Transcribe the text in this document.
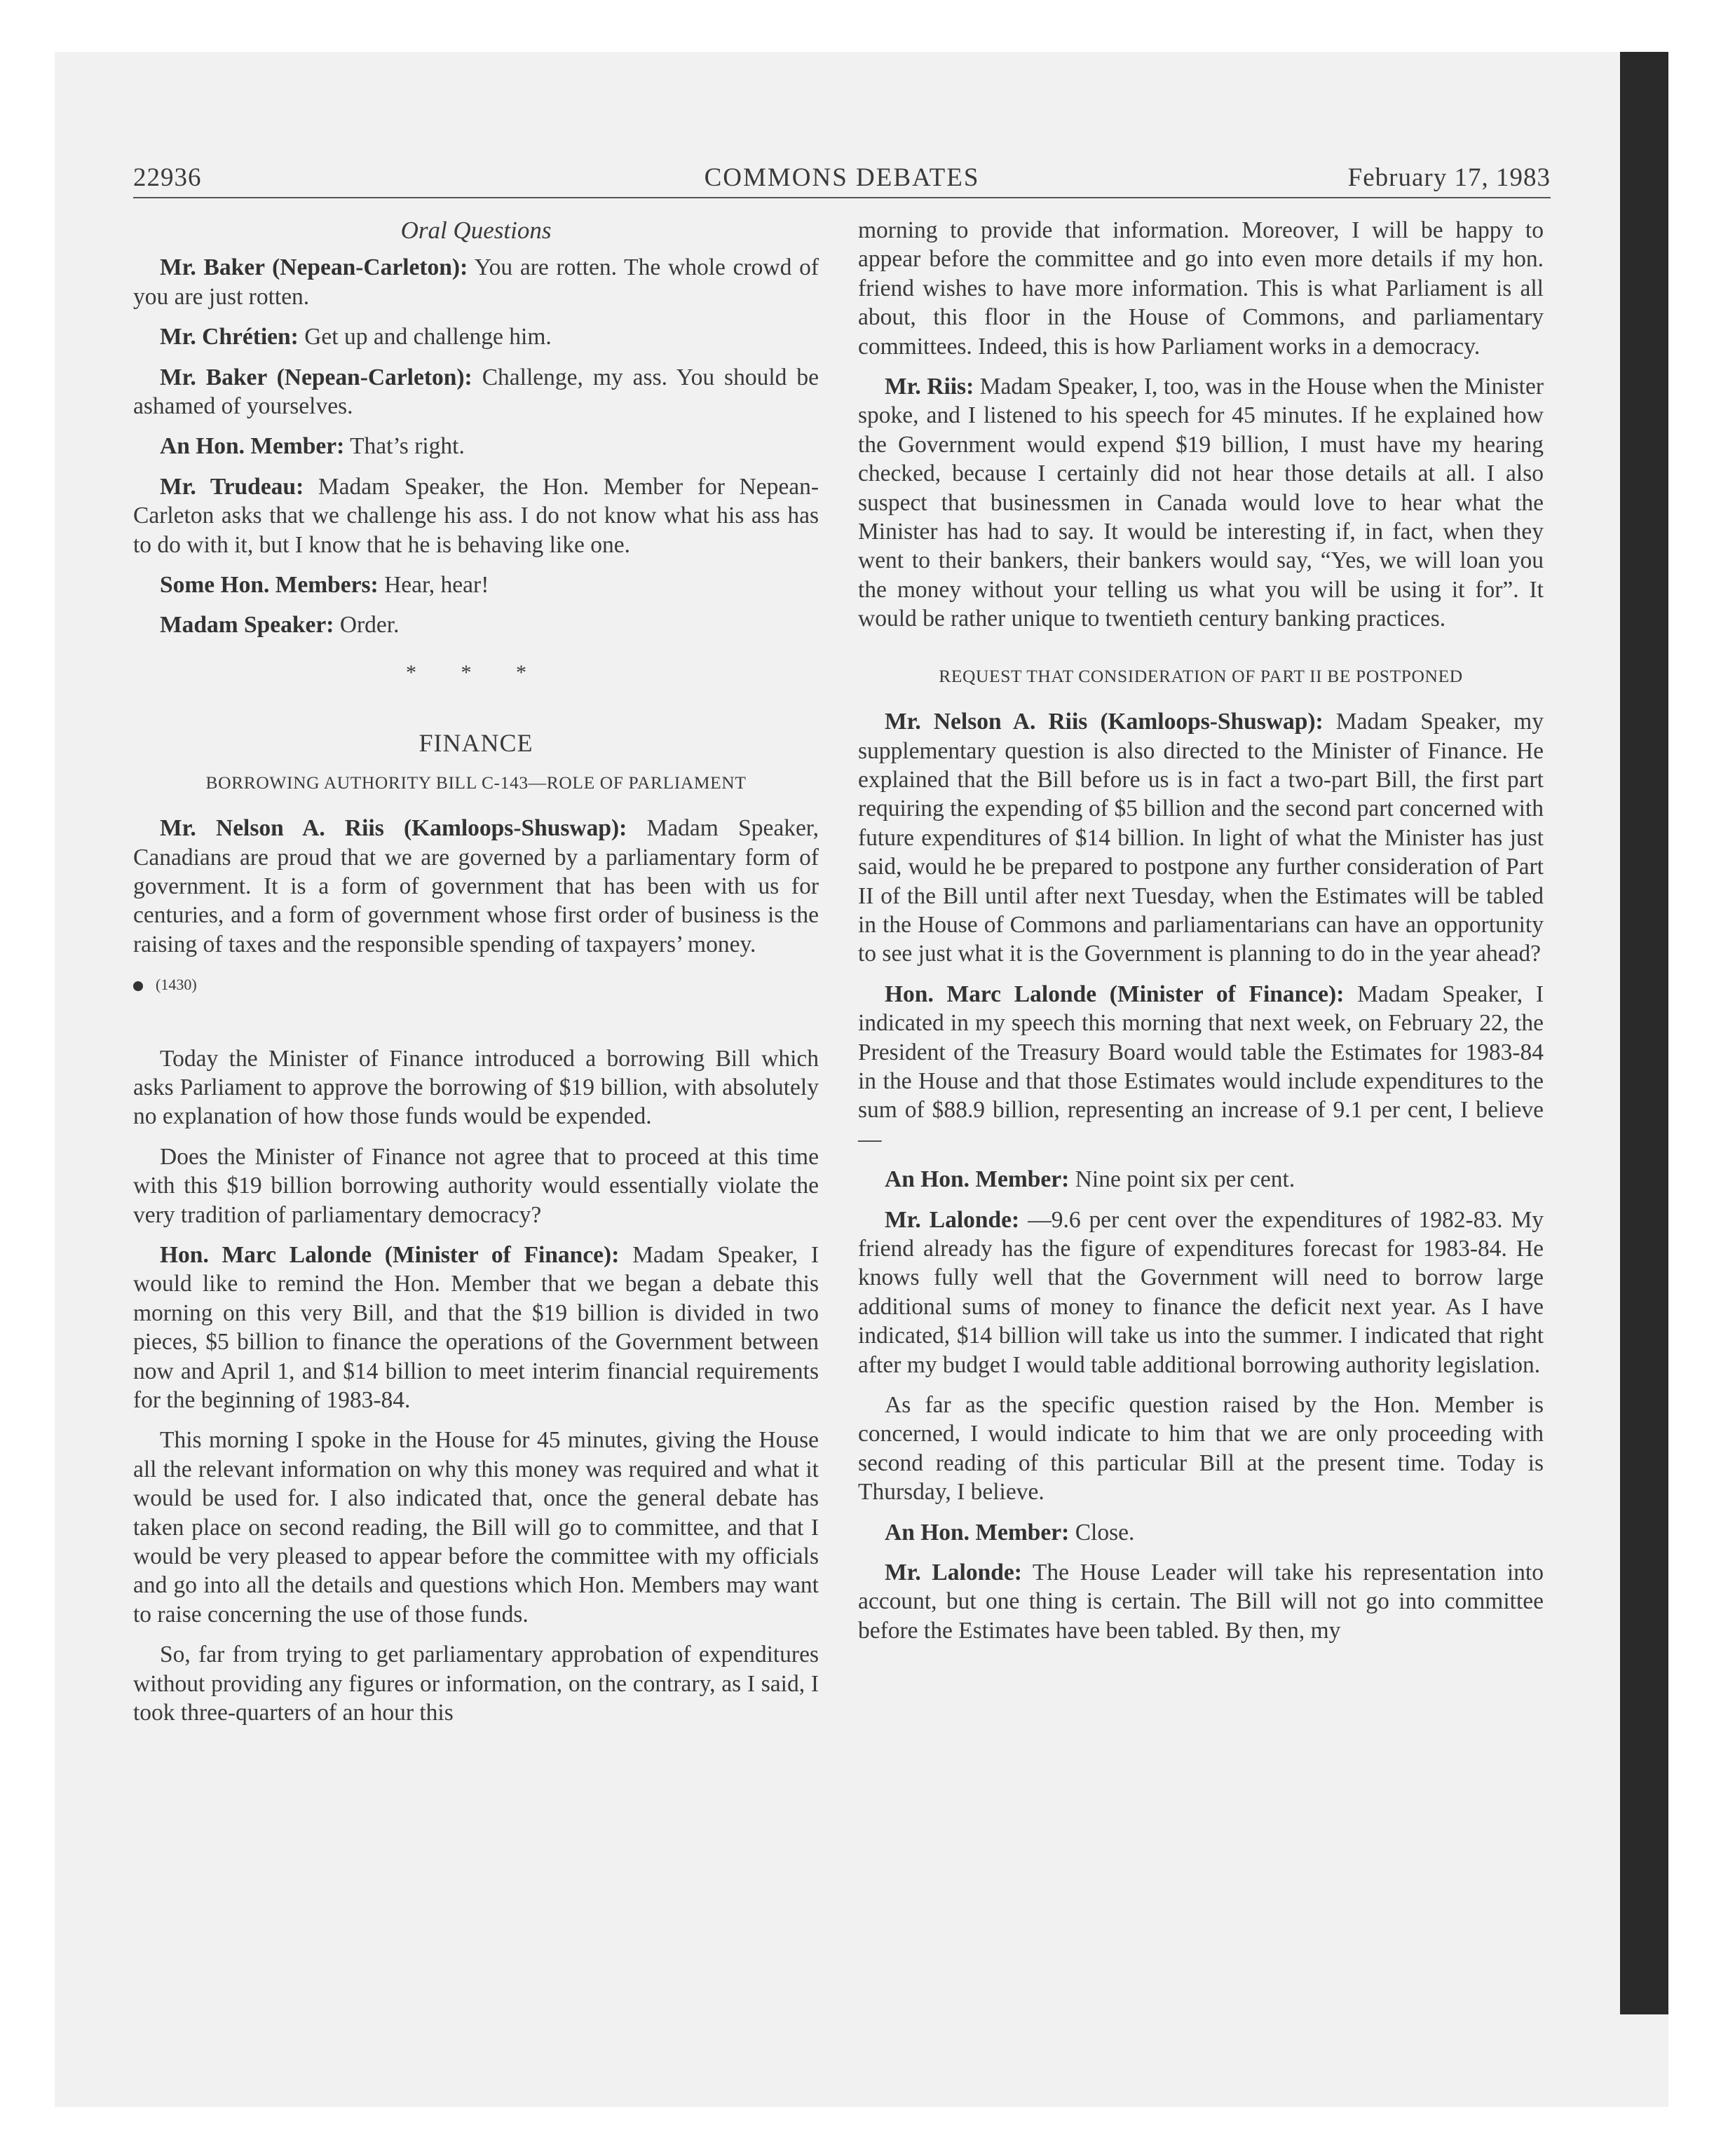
22936	COMMONS DEBATES	February 17, 1983
Oral Questions

Mr. Baker (Nepean-Carleton): You are rotten. The whole crowd of you are just rotten.

Mr. Chrétien: Get up and challenge him.

Mr. Baker (Nepean-Carleton): Challenge, my ass. You should be ashamed of yourselves.

An Hon. Member: That’s right.

Mr. Trudeau: Madam Speaker, the Hon. Member for Nepean-Carleton asks that we challenge his ass. I do not know what his ass has to do with it, but I know that he is behaving like one.

Some Hon. Members: Hear, hear!

Madam Speaker: Order.

* * *
FINANCE
BORROWING AUTHORITY BILL C-143—ROLE OF PARLIAMENT

Mr. Nelson A. Riis (Kamloops-Shuswap): Madam Speaker, Canadians are proud that we are governed by a parliamentary form of government. It is a form of government that has been with us for centuries, and a form of government whose first order of business is the raising of taxes and the responsible spending of taxpayers’ money.

(1430)

Today the Minister of Finance introduced a borrowing Bill which asks Parliament to approve the borrowing of $19 billion, with absolutely no explanation of how those funds would be expended.

Does the Minister of Finance not agree that to proceed at this time with this $19 billion borrowing authority would essentially violate the very tradition of parliamentary democracy?

Hon. Marc Lalonde (Minister of Finance): Madam Speaker, I would like to remind the Hon. Member that we began a debate this morning on this very Bill, and that the $19 billion is divided in two pieces, $5 billion to finance the operations of the Government between now and April 1, and $14 billion to meet interim financial requirements for the beginning of 1983-84.

This morning I spoke in the House for 45 minutes, giving the House all the relevant information on why this money was required and what it would be used for. I also indicated that, once the general debate has taken place on second reading, the Bill will go to committee, and that I would be very pleased to appear before the committee with my officials and go into all the details and questions which Hon. Members may want to raise concerning the use of those funds.

So, far from trying to get parliamentary approbation of expenditures without providing any figures or information, on the contrary, as I said, I took three-quarters of an hour this

morning to provide that information. Moreover, I will be happy to appear before the committee and go into even more details if my hon. friend wishes to have more information. This is what Parliament is all about, this floor in the House of Commons, and parliamentary committees. Indeed, this is how Parliament works in a democracy.

Mr. Riis: Madam Speaker, I, too, was in the House when the Minister spoke, and I listened to his speech for 45 minutes. If he explained how the Government would expend $19 billion, I must have my hearing checked, because I certainly did not hear those details at all. I also suspect that businessmen in Canada would love to hear what the Minister has had to say. It would be interesting if, in fact, when they went to their bankers, their bankers would say, “Yes, we will loan you the money without your telling us what you will be using it for”. It would be rather unique to twentieth century banking practices.

REQUEST THAT CONSIDERATION OF PART II BE POSTPONED

Mr. Nelson A. Riis (Kamloops-Shuswap): Madam Speaker, my supplementary question is also directed to the Minister of Finance. He explained that the Bill before us is in fact a two-part Bill, the first part requiring the expending of $5 billion and the second part concerned with future expenditures of $14 billion. In light of what the Minister has just said, would he be prepared to postpone any further consideration of Part II of the Bill until after next Tuesday, when the Estimates will be tabled in the House of Commons and parliamentarians can have an opportunity to see just what it is the Government is planning to do in the year ahead?

Hon. Marc Lalonde (Minister of Finance): Madam Speaker, I indicated in my speech this morning that next week, on February 22, the President of the Treasury Board would table the Estimates for 1983-84 in the House and that those Estimates would include expenditures to the sum of $88.9 billion, representing an increase of 9.1 per cent, I believe—

An Hon. Member: Nine point six per cent.

Mr. Lalonde: —9.6 per cent over the expenditures of 1982-83. My friend already has the figure of expenditures forecast for 1983-84. He knows fully well that the Government will need to borrow large additional sums of money to finance the deficit next year. As I have indicated, $14 billion will take us into the summer. I indicated that right after my budget I would table additional borrowing authority legislation.

As far as the specific question raised by the Hon. Member is concerned, I would indicate to him that we are only proceeding with second reading of this particular Bill at the present time. Today is Thursday, I believe.

An Hon. Member: Close.

Mr. Lalonde: The House Leader will take his representation into account, but one thing is certain. The Bill will not go into committee before the Estimates have been tabled. By then, my
